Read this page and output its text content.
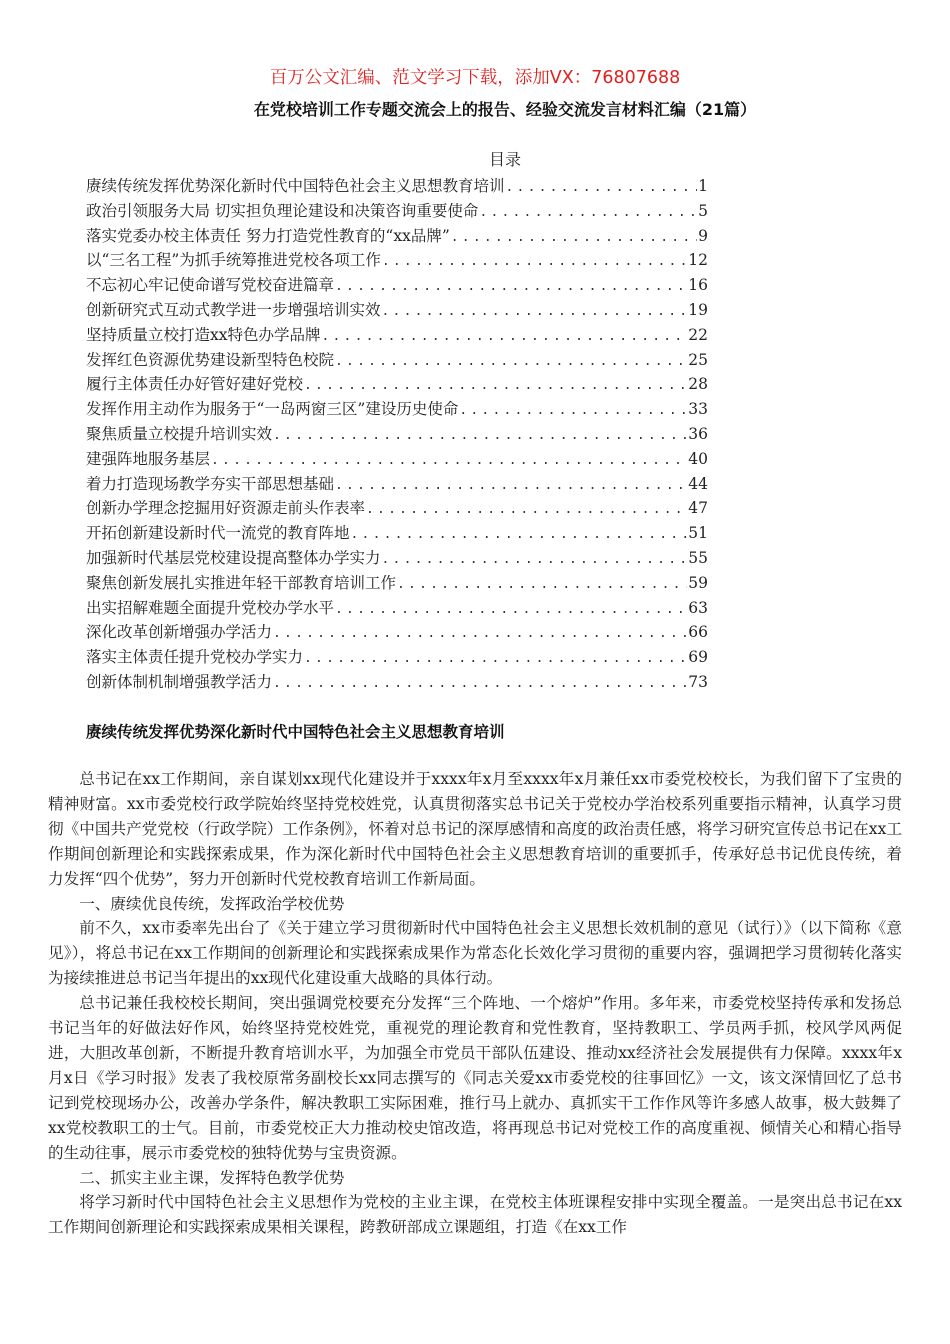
百万公文汇编、范文学习下载，添加VX：76807688
在党校培训工作专题交流会上的报告、经验交流发言材料汇编（21篇）
目录
赓续传统发挥优势深化新时代中国特色社会主义思想教育培训 .....	1
政治引领服务大局 切实担负理论建设和决策咨询重要使命 .....	5
落实党委办校主体责任 努力打造党性教育的“xx品牌” .....	9
以“三名工程”为抓手统筹推进党校各项工作 .....	12
不忘初心牢记使命谱写党校奋进篇章 .....	16
创新研究式互动式教学进一步增强培训实效 .....	19
坚持质量立校打造xx特色办学品牌 .....	22
发挥红色资源优势建设新型特色校院 .....	25
履行主体责任办好管好建好党校 .....	28
发挥作用主动作为服务于“一岛两窗三区”建设历史使命 .....	33
聚焦质量立校提升培训实效 .....	36
建强阵地服务基层 .....	40
着力打造现场教学夯实干部思想基础 .....	44
创新办学理念挖掘用好资源走前头作表率 .....	47
开拓创新建设新时代一流党的教育阵地 .....	51
加强新时代基层党校建设提高整体办学实力 .....	55
聚焦创新发展扎实推进年轻干部教育培训工作 .....	59
出实招解难题全面提升党校办学水平 .....	63
深化改革创新增强办学活力 .....	66
落实主体责任提升党校办学实力 .....	69
创新体制机制增强教学活力 .....	73
赓续传统发挥优势深化新时代中国特色社会主义思想教育培训

总书记在xx工作期间，亲自谋划xx现代化建设并于xxxx年x月至xxxx年x月兼任xx市委党校校长，为我们留下了宝贵的精神财富。xx市委党校行政学院始终坚持党校姓党，认真贯彻落实总书记关于党校办学治校系列重要指示精神，认真学习贯彻《中国共产党党校（行政学院）工作条例》，怀着对总书记的深厚感情和高度的政治责任感，将学习研究宣传总书记在xx工作期间创新理论和实践探索成果，作为深化新时代中国特色社会主义思想教育培训的重要抓手，传承好总书记优良传统，着力发挥“四个优势”，努力开创新时代党校教育培训工作新局面。

一、赓续优良传统，发挥政治学校优势

前不久，xx市委率先出台了《关于建立学习贯彻新时代中国特色社会主义思想长效机制的意见（试行）》（以下简称《意见》），将总书记在xx工作期间的创新理论和实践探索成果作为常态化长效化学习贯彻的重要内容，强调把学习贯彻转化落实为接续推进总书记当年提出的xx现代化建设重大战略的具体行动。

总书记兼任我校校长期间，突出强调党校要充分发挥“三个阵地、一个熔炉”作用。多年来，市委党校坚持传承和发扬总书记当年的好做法好作风，始终坚持党校姓党，重视党的理论教育和党性教育，坚持教职工、学员两手抓，校风学风两促进，大胆改革创新，不断提升教育培训水平，为加强全市党员干部队伍建设、推动xx经济社会发展提供有力保障。xxxx年x月x日《学习时报》发表了我校原常务副校长xx同志撰写的《同志关爱xx市委党校的往事回忆》一文，该文深情回忆了总书记到党校现场办公，改善办学条件，解决教职工实际困难，推行马上就办、真抓实干工作作风等许多感人故事，极大鼓舞了xx党校教职工的士气。目前，市委党校正大力推动校史馆改造，将再现总书记对党校工作的高度重视、倾情关心和精心指导的生动往事，展示市委党校的独特优势与宝贵资源。

二、抓实主业主课，发挥特色教学优势

将学习新时代中国特色社会主义思想作为党校的主业主课，在党校主体班课程安排中实现全覆盖。一是突出总书记在xx工作期间创新理论和实践探索成果相关课程，跨教研部成立课题组，打造《在xx工作
